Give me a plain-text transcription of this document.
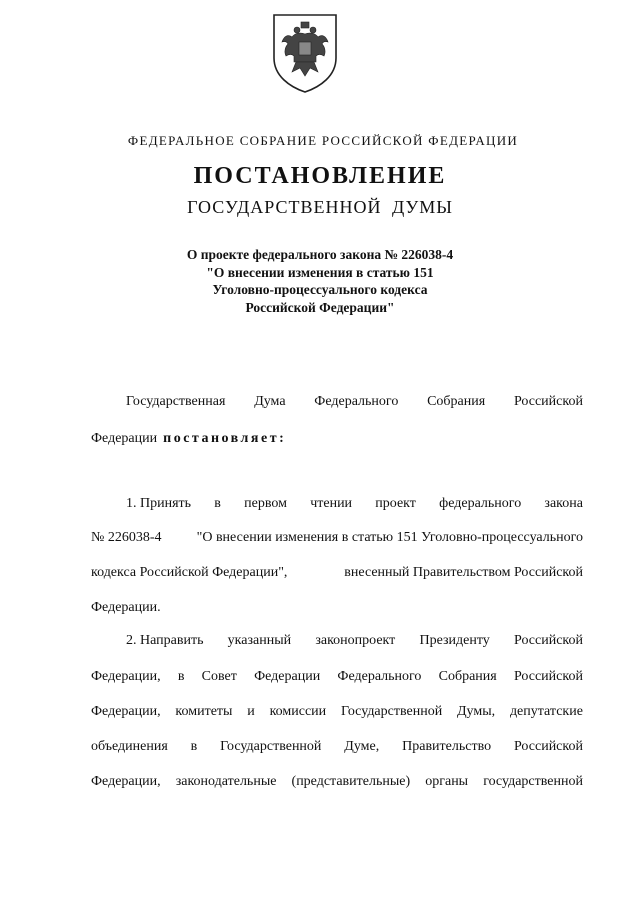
ФЕДЕРАЛЬНОЕ СОБРАНИЕ РОССИЙСКОЙ ФЕДЕРАЦИИ
ПОСТАНОВЛЕНИЕ
ГОСУДАРСТВЕННОЙ ДУМЫ
О проекте федерального закона № 226038-4
"О внесении изменения в статью 151
Уголовно-процессуального кодекса
Российской Федерации"
Государственная Дума Федерального Собрания Российской
Федерации постановляет:
1. Принять в первом чтении проект федерального закона
№ 226038-4	"О внесении изменения в статью 151 Уголовно-процессуального
кодекса Российской Федерации",	внесенный Правительством Российской
Федерации.
2. Направить указанный законопроект Президенту Российской
Федерации, в Совет Федерации Федерального Собрания Российской
Федерации, комитеты и комиссии Государственной Думы, депутатские
объединения в Государственной Думе, Правительство Российской
Федерации, законодательные (представительные) органы государственной
